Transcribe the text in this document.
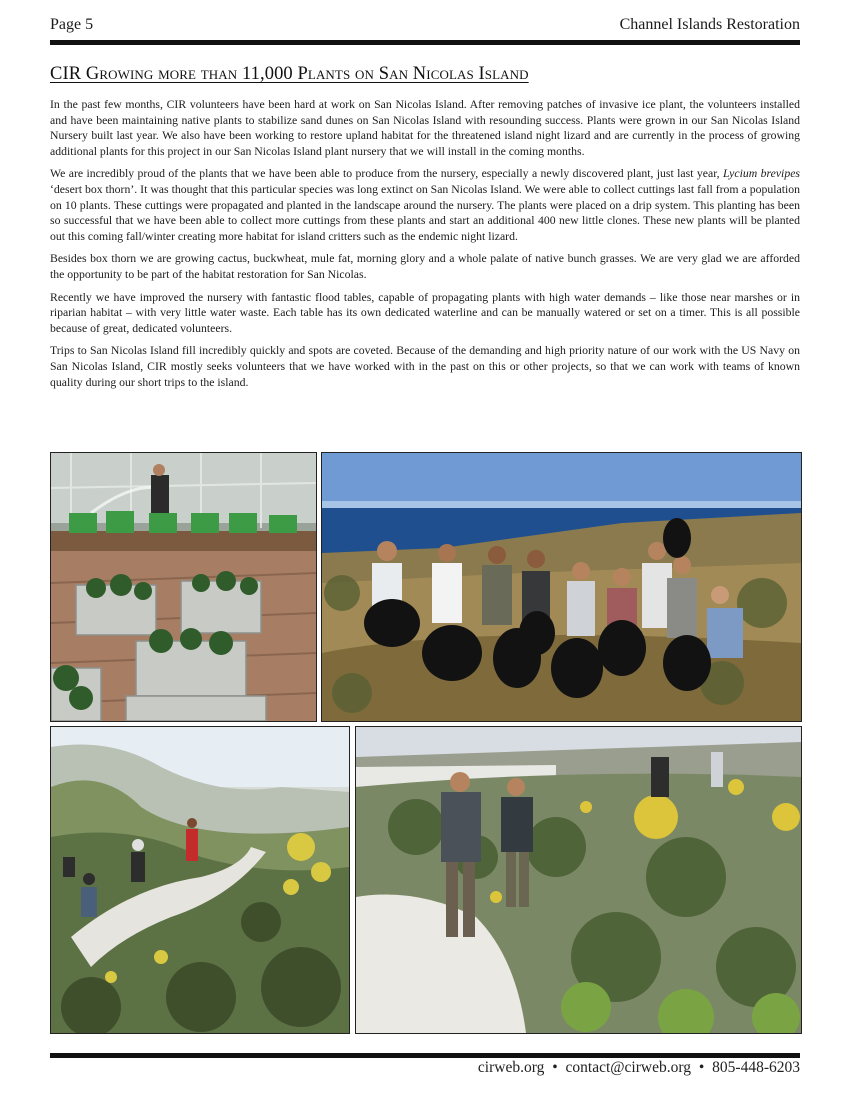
Page 5	Channel Islands Restoration
CIR Growing more than 11,000 Plants on San Nicolas Island

In the past few months, CIR volunteers have been hard at work on San Nicolas Island. After removing patches of invasive ice plant, the volunteers installed and have been maintaining native plants to stabilize sand dunes on San Nicolas Island with resounding success. Plants were grown in our San Nicolas Island Nursery built last year. We also have been working to restore upland habitat for the threatened island night lizard and are currently in the process of growing additional plants for this project in our San Nicolas Island plant nursery that we will install in the coming months.

We are incredibly proud of the plants that we have been able to produce from the nursery, especially a newly discovered plant, just last year, Lycium brevipes ‘desert box thorn’. It was thought that this particular species was long extinct on San Nicolas Island. We were able to collect cuttings last fall from a population on 10 plants. These cuttings were propagated and planted in the landscape around the nursery. The plants were placed on a drip system. This planting has been so successful that we have been able to collect more cuttings from these plants and start an additional 400 new little clones. These new plants will be planted out this coming fall/winter creating more habitat for island critters such as the endemic night lizard.

Besides box thorn we are growing cactus, buckwheat, mule fat, morning glory and a whole palate of native bunch grasses. We are very glad we are afforded the opportunity to be part of the habitat restoration for San Nicolas.

Recently we have improved the nursery with fantastic flood tables, capable of propagating plants with high water demands – like those near marshes or in riparian habitat – with very little water waste. Each table has its own dedicated waterline and can be manually watered or set on a timer. This is all possible because of great, dedicated volunteers.

Trips to San Nicolas Island fill incredibly quickly and spots are coveted. Because of the demanding and high priority nature of our work with the US Navy on San Nicolas Island, CIR mostly seeks volunteers that we have worked with in the past on this or other projects, so that we can work with teams of known quality during our short trips to the island.

cirweb.org • contact@cirweb.org • 805-448-6203
